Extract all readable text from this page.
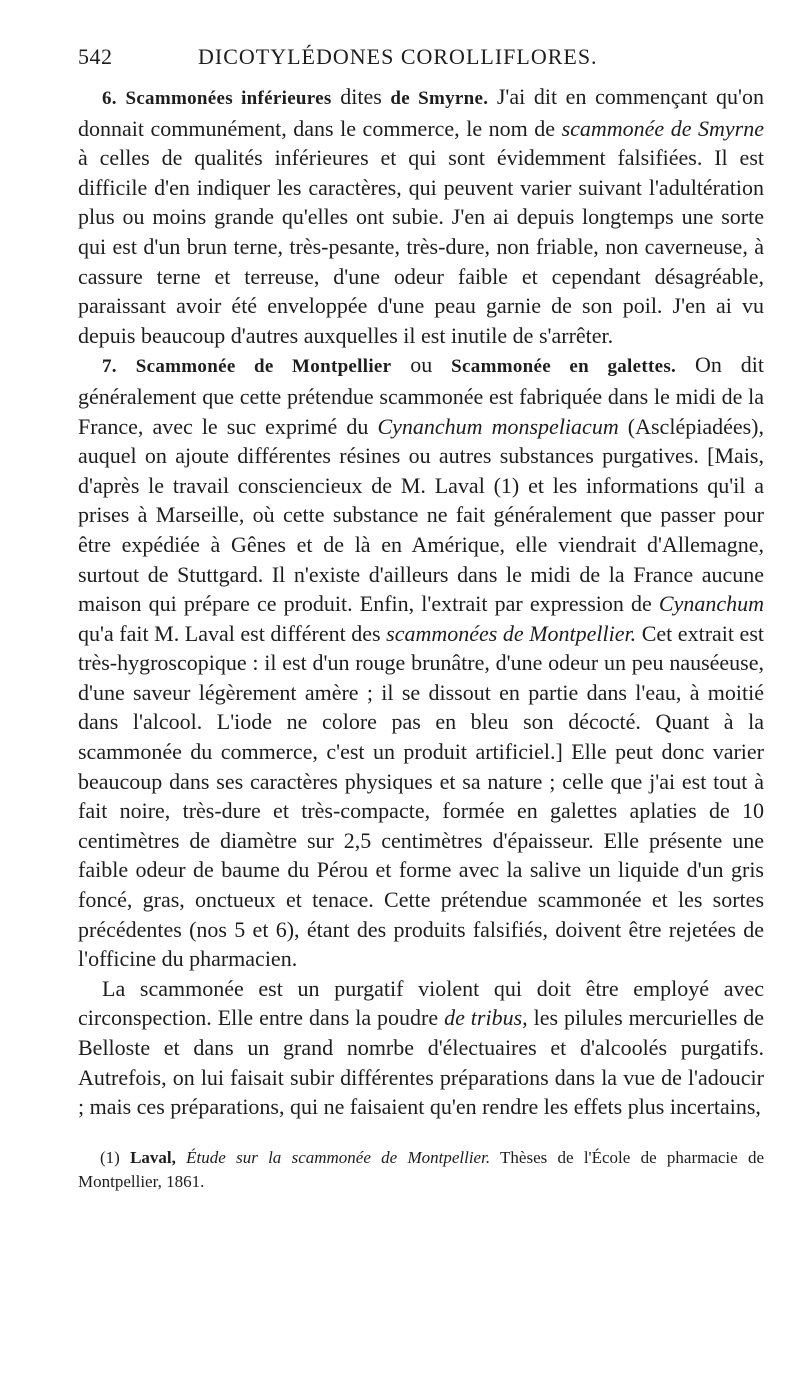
542	DICOTYLÉDONES COROLLIFLORES.

6. Scammonées inférieures dites de Smyrne. J'ai dit en commençant qu'on donnait communément, dans le commerce, le nom de scammonée de Smyrne à celles de qualités inférieures et qui sont évidemment falsifiées. Il est difficile d'en indiquer les caractères, qui peuvent varier suivant l'adultération plus ou moins grande qu'elles ont subie. J'en ai depuis longtemps une sorte qui est d'un brun terne, très-pesante, très-dure, non friable, non caverneuse, à cassure terne et terreuse, d'une odeur faible et cependant désagréable, paraissant avoir été enveloppée d'une peau garnie de son poil. J'en ai vu depuis beaucoup d'autres auxquelles il est inutile de s'arrêter.

7. Scammonée de Montpellier ou Scammonée en galettes. On dit généralement que cette prétendue scammonée est fabriquée dans le midi de la France, avec le suc exprimé du Cynanchum monspeliacum (Asclépiadées), auquel on ajoute différentes résines ou autres substances purgatives. [Mais, d'après le travail consciencieux de M. Laval (1) et les informations qu'il a prises à Marseille, où cette substance ne fait généralement que passer pour être expédiée à Gênes et de là en Amérique, elle viendrait d'Allemagne, surtout de Stuttgard. Il n'existe d'ailleurs dans le midi de la France aucune maison qui prépare ce produit. Enfin, l'extrait par expression de Cynanchum qu'a fait M. Laval est différent des scammonées de Montpellier. Cet extrait est très-hygroscopique : il est d'un rouge brunâtre, d'une odeur un peu nauséeuse, d'une saveur légèrement amère ; il se dissout en partie dans l'eau, à moitié dans l'alcool. L'iode ne colore pas en bleu son décocté. Quant à la scammonée du commerce, c'est un produit artificiel.] Elle peut donc varier beaucoup dans ses caractères physiques et sa nature ; celle que j'ai est tout à fait noire, très-dure et très-compacte, formée en galettes aplaties de 10 centimètres de diamètre sur 2,5 centimètres d'épaisseur. Elle présente une faible odeur de baume du Pérou et forme avec la salive un liquide d'un gris foncé, gras, onctueux et tenace. Cette prétendue scammonée et les sortes précédentes (nos 5 et 6), étant des produits falsifiés, doivent être rejetées de l'officine du pharmacien.

La scammonée est un purgatif violent qui doit être employé avec circonspection. Elle entre dans la poudre de tribus, les pilules mercurielles de Belloste et dans un grand nomrbe d'électuaires et d'alcoolés purgatifs. Autrefois, on lui faisait subir différentes préparations dans la vue de l'adoucir ; mais ces préparations, qui ne faisaient qu'en rendre les effets plus incertains,

(1) Laval, Étude sur la scammonée de Montpellier. Thèses de l'École de pharmacie de Montpellier, 1861.
